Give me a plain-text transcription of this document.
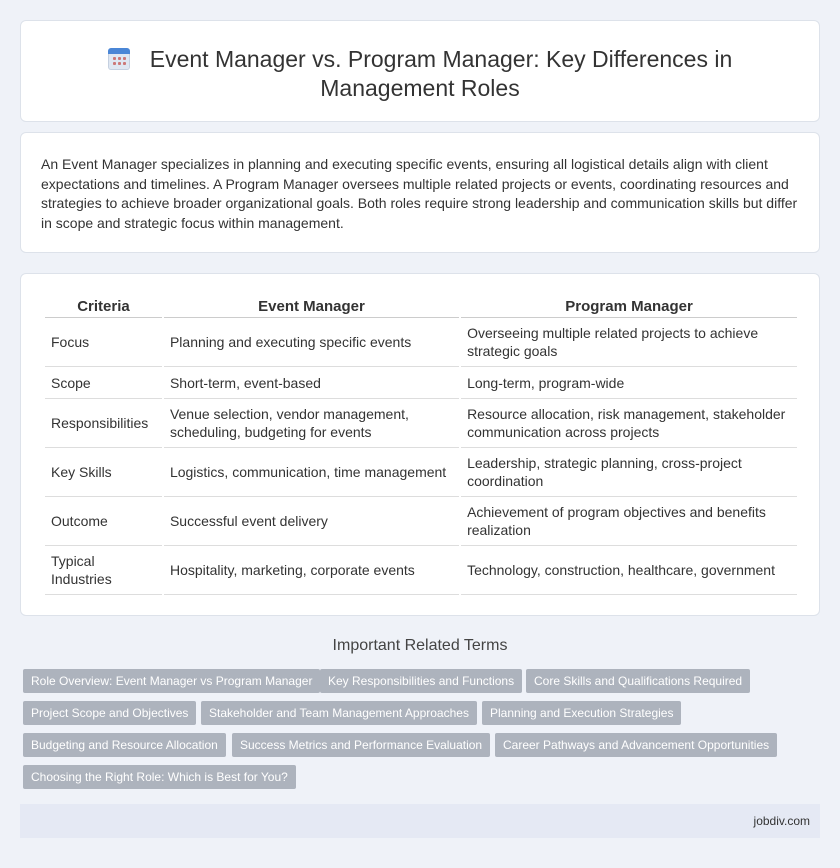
Event Manager vs. Program Manager: Key Differences in Management Roles

An Event Manager specializes in planning and executing specific events, ensuring all logistical details align with client expectations and timelines. A Program Manager oversees multiple related projects or events, coordinating resources and strategies to achieve broader organizational goals. Both roles require strong leadership and communication skills but differ in scope and strategic focus within management.

Criteria	Event Manager	Program Manager
Focus	Planning and executing specific events	Overseeing multiple related projects to achieve strategic goals
Scope	Short-term, event-based	Long-term, program-wide
Responsibilities	Venue selection, vendor management, scheduling, budgeting for events	Resource allocation, risk management, stakeholder communication across projects
Key Skills	Logistics, communication, time management	Leadership, strategic planning, cross-project coordination
Outcome	Successful event delivery	Achievement of program objectives and benefits realization
Typical Industries	Hospitality, marketing, corporate events	Technology, construction, healthcare, government
Important Related Terms
Role Overview: Event Manager vs Program Manager	Key Responsibilities and Functions	Core Skills and Qualifications Required
Project Scope and Objectives	Stakeholder and Team Management Approaches	Planning and Execution Strategies
Budgeting and Resource Allocation	Success Metrics and Performance Evaluation	Career Pathways and Advancement Opportunities
Choosing the Right Role: Which is Best for You?
jobdiv.com
